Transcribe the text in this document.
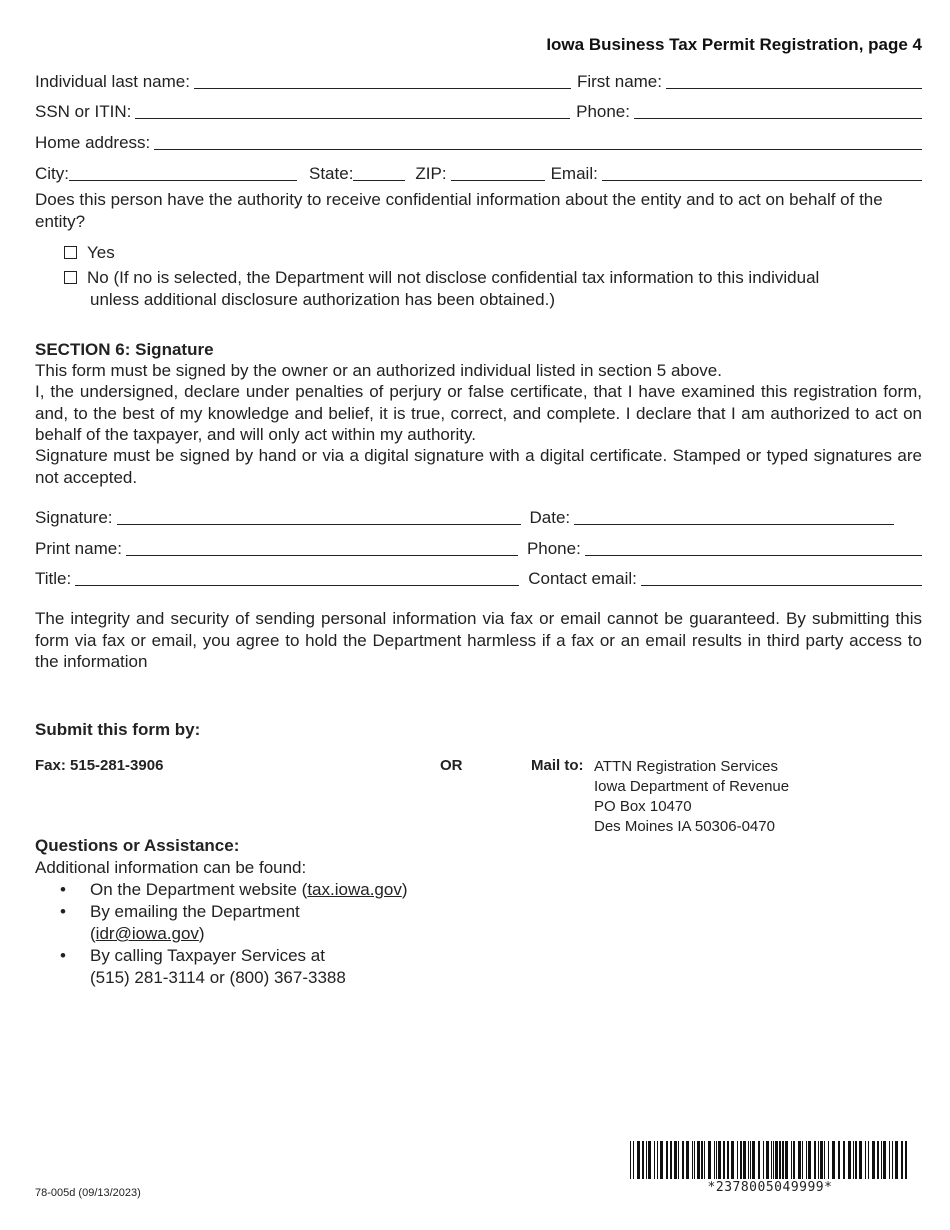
Iowa Business Tax Permit Registration, page 4
Individual last name:	First name:
SSN or ITIN:	Phone:
Home address:
City:	State:	ZIP:	Email:
Does this person have the authority to receive confidential information about the entity and to act on behalf of the entity?
Yes
No (If no is selected, the Department will not disclose confidential tax information to this individual
unless additional disclosure authorization has been obtained.)
SECTION 6: Signature
This form must be signed by the owner or an authorized individual listed in section 5 above.
I, the undersigned, declare under penalties of perjury or false certificate, that I have examined this registration form, and, to the best of my knowledge and belief, it is true, correct, and complete. I declare that I am authorized to act on behalf of the taxpayer, and will only act within my authority.
Signature must be signed by hand or via a digital signature with a digital certificate. Stamped or typed signatures are not accepted.
Signature:	Date:
Print name:	Phone:
Title:	Contact email:
The integrity and security of sending personal information via fax or email cannot be guaranteed. By submitting this form via fax or email, you agree to hold the Department harmless if a fax or an email results in third party access to the information
Submit this form by:
Fax: 515-281-3906	OR	Mail to: ATTN Registration Services
Iowa Department of Revenue
PO Box 10470
Des Moines IA 50306-0470
Questions or Assistance:
Additional information can be found:
•	On the Department website (tax.iowa.gov)
•	By emailing the Department
(idr@iowa.gov)
•	By calling Taxpayer Services at
(515) 281-3114 or (800) 367-3388
78-005d (09/13/2023)	*2378005049999*
